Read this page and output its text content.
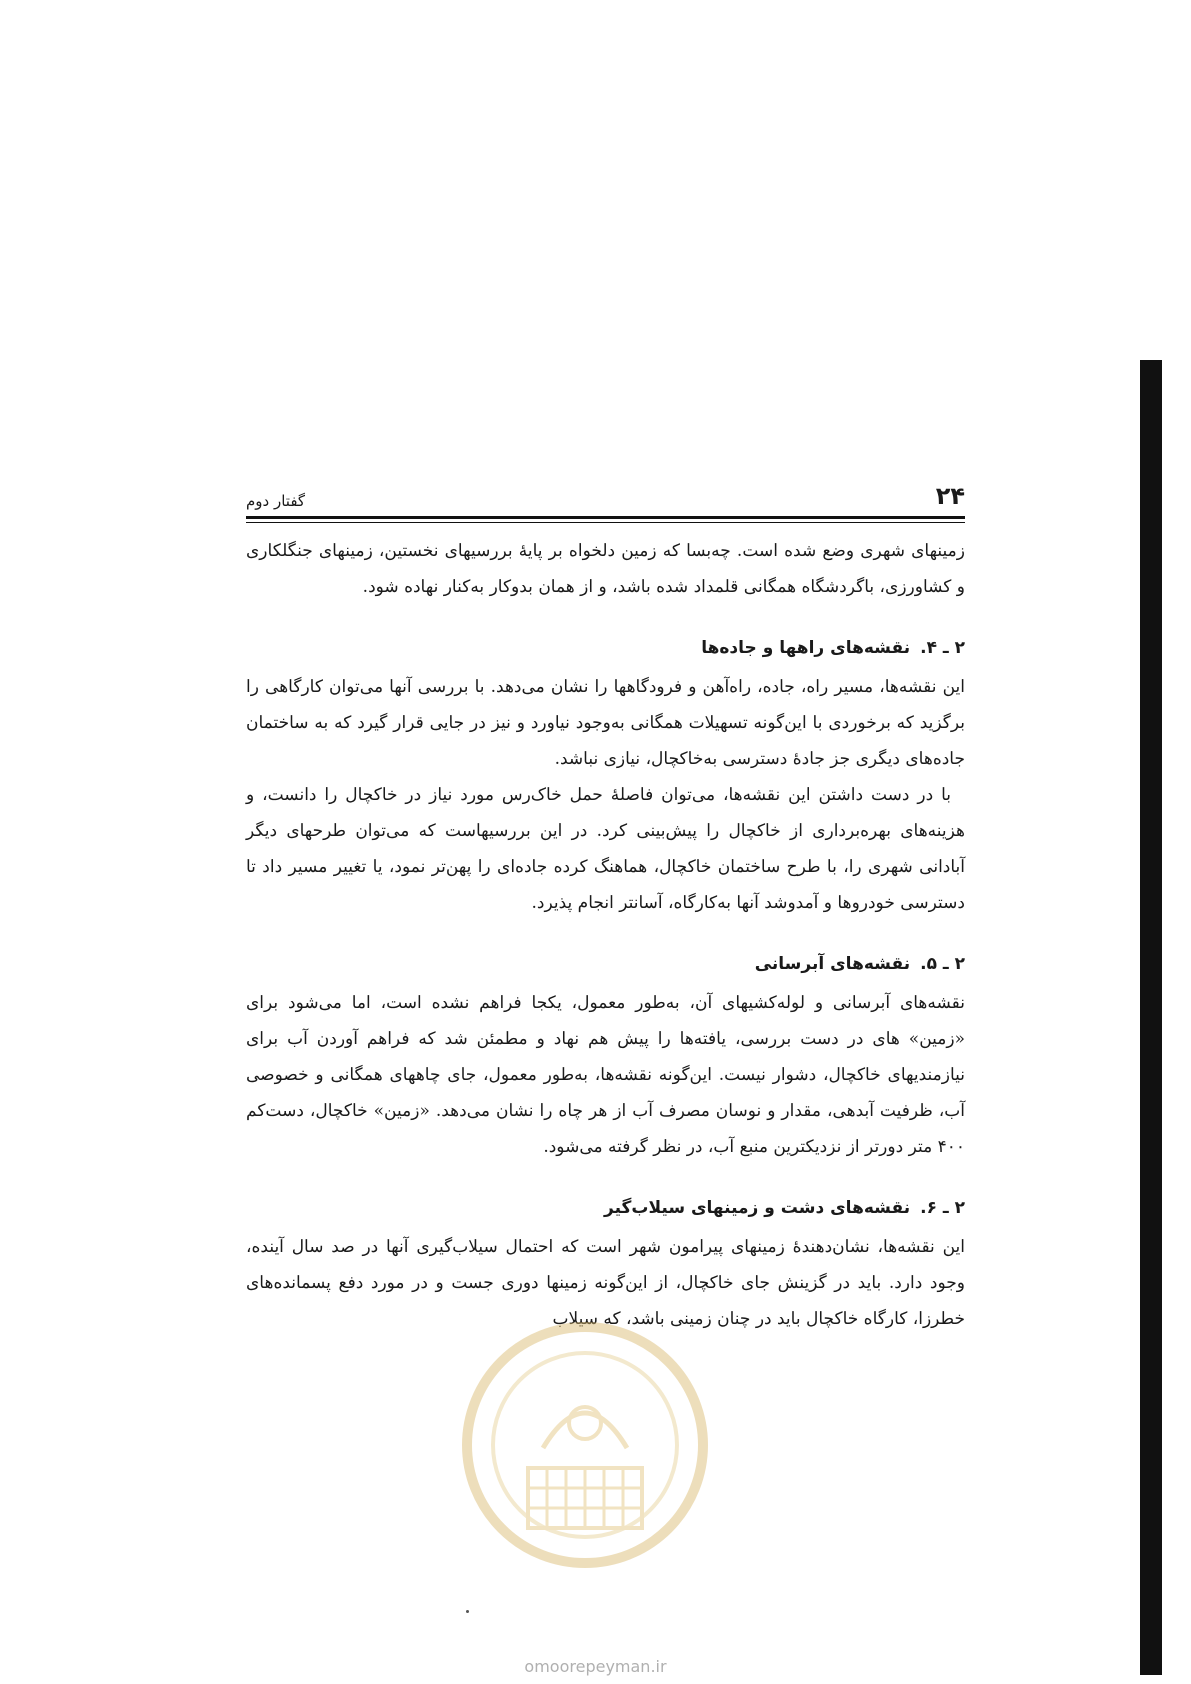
۲۴
گفتار دوم

زمینهای شهری وضع شده است. چه‌بسا که زمین دلخواه بر پایهٔ بررسیهای نخستین، زمینهای جنگلکاری و کشاورزی، باگردشگاه همگانی قلمداد شده باشد، و از همان بدوکار به‌کنار نهاده شود.

۲ ـ ۴.نقشه‌های راهها و جاده‌ها

این نقشه‌ها، مسیر راه، جاده، راه‌آهن و فرودگاهها را نشان می‌دهد. با بررسی آنها می‌توان کارگاهی را برگزید که برخوردی با این‌گونه تسهیلات همگانی به‌وجود نیاورد و نیز در جایی قرار گیرد که به ساختمان جاده‌های دیگری جز جادهٔ دسترسی به‌خاکچال، نیازی نباشد.

با در دست داشتن این نقشه‌ها، می‌توان فاصلهٔ حمل خاک‌رس مورد نیاز در خاکچال را دانست، و هزینه‌های بهره‌برداری از خاکچال را پیش‌بینی کرد. در این بررسیهاست که می‌توان طرحهای دیگر آبادانی شهری را، با طرح ساختمان خاکچال، هماهنگ کرده جاده‌ای را پهن‌تر نمود، یا تغییر مسیر داد تا دسترسی خودروها و آمدوشد آنها به‌کارگاه، آسانتر انجام پذیرد.

۲ ـ ۵.نقشه‌های آبرسانی

نقشه‌های آبرسانی و لوله‌کشیهای آن، به‌طور معمول، یکجا فراهم نشده است، اما می‌شود برای «زمین» های در دست بررسی، یافته‌ها را پیش هم نهاد و مطمئن شد که فراهم آوردن آب برای نیازمندیهای خاکچال، دشوار نیست. این‌گونه نقشه‌ها، به‌طور معمول، جای چاههای همگانی و خصوصی آب، ظرفیت آبدهی، مقدار و نوسان مصرف آب از هر چاه را نشان می‌دهد. «زمین» خاکچال، دست‌کم ۴۰۰ متر دورتر از نزدیکترین منبع آب، در نظر گرفته می‌شود.

۲ ـ ۶.نقشه‌های دشت و زمینهای سیلاب‌گیر

این نقشه‌ها، نشان‌دهندهٔ زمینهای پیرامون شهر است که احتمال سیلاب‌گیری آنها در صد سال آینده، وجود دارد. باید در گزینش جای خاکچال، از این‌گونه زمینها دوری جست و در مورد دفع پسمانده‌های خطرزا، کارگاه خاکچال باید در چنان زمینی باشد، که سیلاب

omoorepeyman.ir
